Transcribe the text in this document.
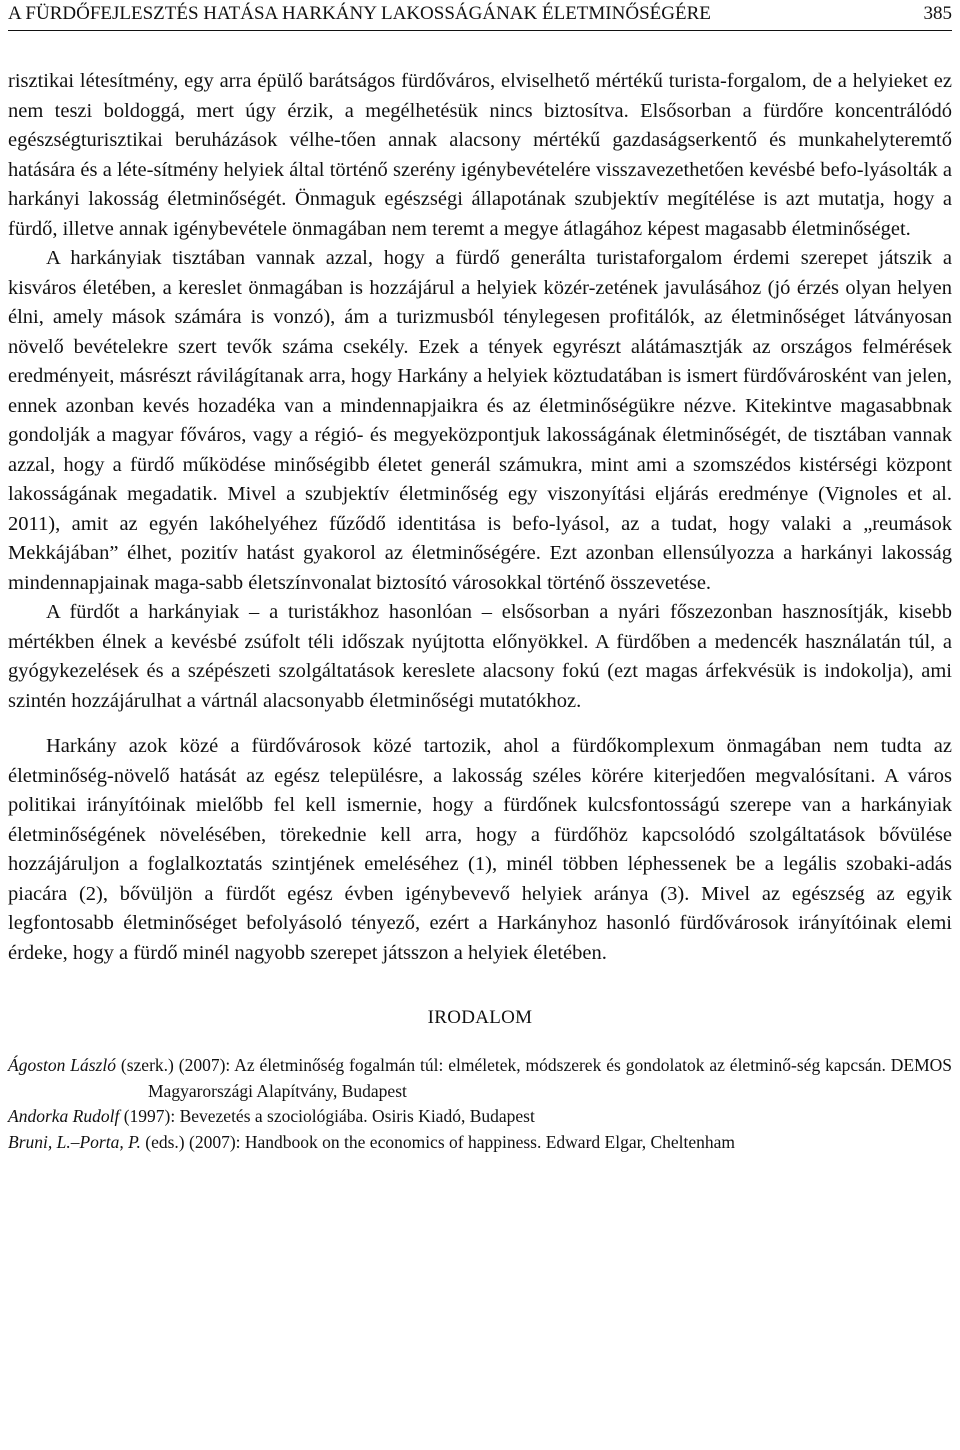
A FÜRDŐFEJLESZTÉS HATÁSA HARKÁNY LAKOSSÁGÁNAK ÉLETMINŐSÉGÉRE	385

risztikai létesítmény, egy arra épülő barátságos fürdőváros, elviselhető mértékű turista-forgalom, de a helyieket ez nem teszi boldoggá, mert úgy érzik, a megélhetésük nincs biztosítva. Elsősorban a fürdőre koncentrálódó egészségturisztikai beruházások vélhe-tően annak alacsony mértékű gazdaságserkentő és munkahelyteremtő hatására és a léte-sítmény helyiek által történő szerény igénybevételére visszavezethetően kevésbé befo-lyásolták a harkányi lakosság életminőségét. Önmaguk egészségi állapotának szubjektív megítélése is azt mutatja, hogy a fürdő, illetve annak igénybevétele önmagában nem teremt a megye átlagához képest magasabb életminőséget.

A harkányiak tisztában vannak azzal, hogy a fürdő generálta turistaforgalom érdemi szerepet játszik a kisváros életében, a kereslet önmagában is hozzájárul a helyiek közér-zetének javulásához (jó érzés olyan helyen élni, amely mások számára is vonzó), ám a turizmusból ténylegesen profitálók, az életminőséget látványosan növelő bevételekre szert tevők száma csekély. Ezek a tények egyrészt alátámasztják az országos felmérések eredményeit, másrészt rávilágítanak arra, hogy Harkány a helyiek köztudatában is ismert fürdővárosként van jelen, ennek azonban kevés hozadéka van a mindennapjaikra és az életminőségükre nézve. Kitekintve magasabbnak gondolják a magyar főváros, vagy a régió- és megyeközpontjuk lakosságának életminőségét, de tisztában vannak azzal, hogy a fürdő működése minőségibb életet generál számukra, mint ami a szomszédos kistérségi központ lakosságának megadatik. Mivel a szubjektív életminőség egy viszonyítási eljárás eredménye (Vignoles et al. 2011), amit az egyén lakóhelyéhez fűződő identitása is befo-lyásol, az a tudat, hogy valaki a „reumások Mekkájában” élhet, pozitív hatást gyakorol az életminőségére. Ezt azonban ellensúlyozza a harkányi lakosság mindennapjainak maga-sabb életszínvonalat biztosító városokkal történő összevetése.

A fürdőt a harkányiak – a turistákhoz hasonlóan – elsősorban a nyári főszezonban hasznosítják, kisebb mértékben élnek a kevésbé zsúfolt téli időszak nyújtotta előnyökkel. A fürdőben a medencék használatán túl, a gyógykezelések és a szépészeti szolgáltatások kereslete alacsony fokú (ezt magas árfekvésük is indokolja), ami szintén hozzájárulhat a vártnál alacsonyabb életminőségi mutatókhoz.

Harkány azok közé a fürdővárosok közé tartozik, ahol a fürdőkomplexum önmagában nem tudta az életminőség-növelő hatását az egész településre, a lakosság széles körére kiterjedően megvalósítani. A város politikai irányítóinak mielőbb fel kell ismernie, hogy a fürdőnek kulcsfontosságú szerepe van a harkányiak életminőségének növelésében, törekednie kell arra, hogy a fürdőhöz kapcsolódó szolgáltatások bővülése hozzájáruljon a foglalkoztatás szintjének emeléséhez (1), minél többen léphessenek be a legális szobaki-adás piacára (2), bővüljön a fürdőt egész évben igénybevevő helyiek aránya (3). Mivel az egészség az egyik legfontosabb életminőséget befolyásoló tényező, ezért a Harkányhoz hasonló fürdővárosok irányítóinak elemi érdeke, hogy a fürdő minél nagyobb szerepet játsszon a helyiek életében.

IRODALOM

Ágoston László (szerk.) (2007): Az életminőség fogalmán túl: elméletek, módszerek és gondolatok az életminő-ség kapcsán. DEMOS Magyarországi Alapítvány, Budapest

Andorka Rudolf (1997): Bevezetés a szociológiába. Osiris Kiadó, Budapest

Bruni, L.–Porta, P. (eds.) (2007): Handbook on the economics of happiness. Edward Elgar, Cheltenham
